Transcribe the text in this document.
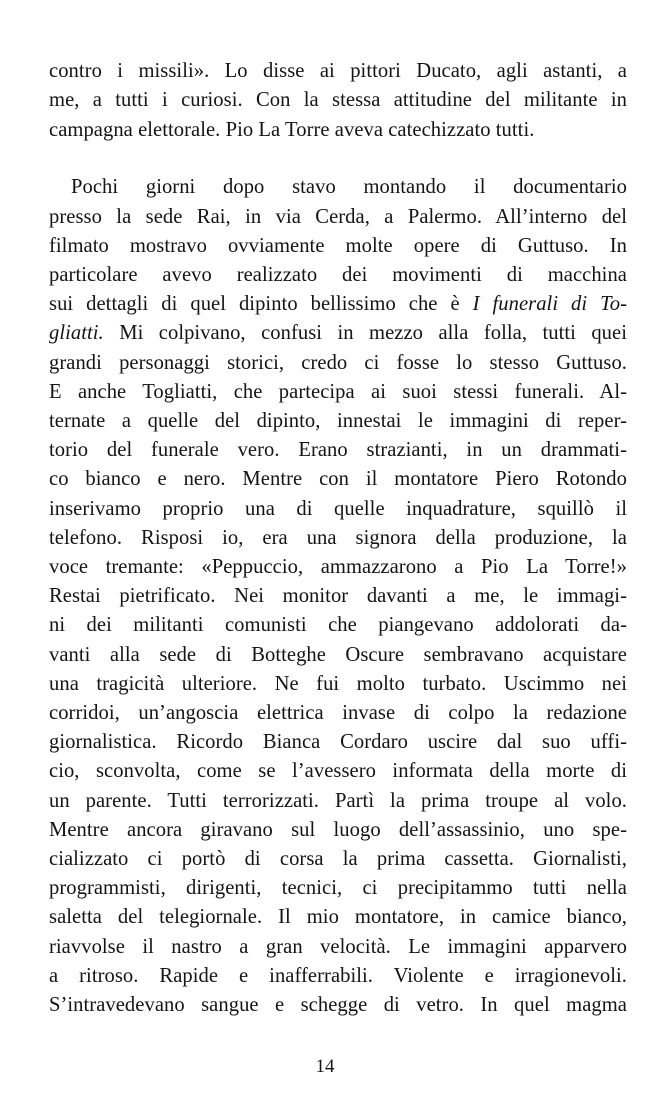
contro i missili». Lo disse ai pittori Ducato, agli astanti, a
me, a tutti i curiosi. Con la stessa attitudine del militante in
campagna elettorale. Pio La Torre aveva catechizzato tutti.
Pochi giorni dopo stavo montando il documentario
presso la sede Rai, in via Cerda, a Palermo. All’interno del
filmato mostravo ovviamente molte opere di Guttuso. In
particolare avevo realizzato dei movimenti di macchina
sui dettagli di quel dipinto bellissimo che è I funerali di To-
gliatti. Mi colpivano, confusi in mezzo alla folla, tutti quei
grandi personaggi storici, credo ci fosse lo stesso Guttuso.
E anche Togliatti, che partecipa ai suoi stessi funerali. Al-
ternate a quelle del dipinto, innestai le immagini di reper-
torio del funerale vero. Erano strazianti, in un drammati-
co bianco e nero. Mentre con il montatore Piero Rotondo
inserivamo proprio una di quelle inquadrature, squillò il
telefono. Risposi io, era una signora della produzione, la
voce tremante: «Peppuccio, ammazzarono a Pio La Torre!»
Restai pietrificato. Nei monitor davanti a me, le immagi-
ni dei militanti comunisti che piangevano addolorati da-
vanti alla sede di Botteghe Oscure sembravano acquistare
una tragicità ulteriore. Ne fui molto turbato. Uscimmo nei
corridoi, un’angoscia elettrica invase di colpo la redazione
giornalistica. Ricordo Bianca Cordaro uscire dal suo uffi-
cio, sconvolta, come se l’avessero informata della morte di
un parente. Tutti terrorizzati. Partì la prima troupe al volo.
Mentre ancora giravano sul luogo dell’assassinio, uno spe-
cializzato ci portò di corsa la prima cassetta. Giornalisti,
programmisti, dirigenti, tecnici, ci precipitammo tutti nella
saletta del telegiornale. Il mio montatore, in camice bianco,
riavvolse il nastro a gran velocità. Le immagini apparvero
a ritroso. Rapide e inafferrabili. Violente e irragionevoli.
S’intravedevano sangue e schegge di vetro. In quel magma
14
